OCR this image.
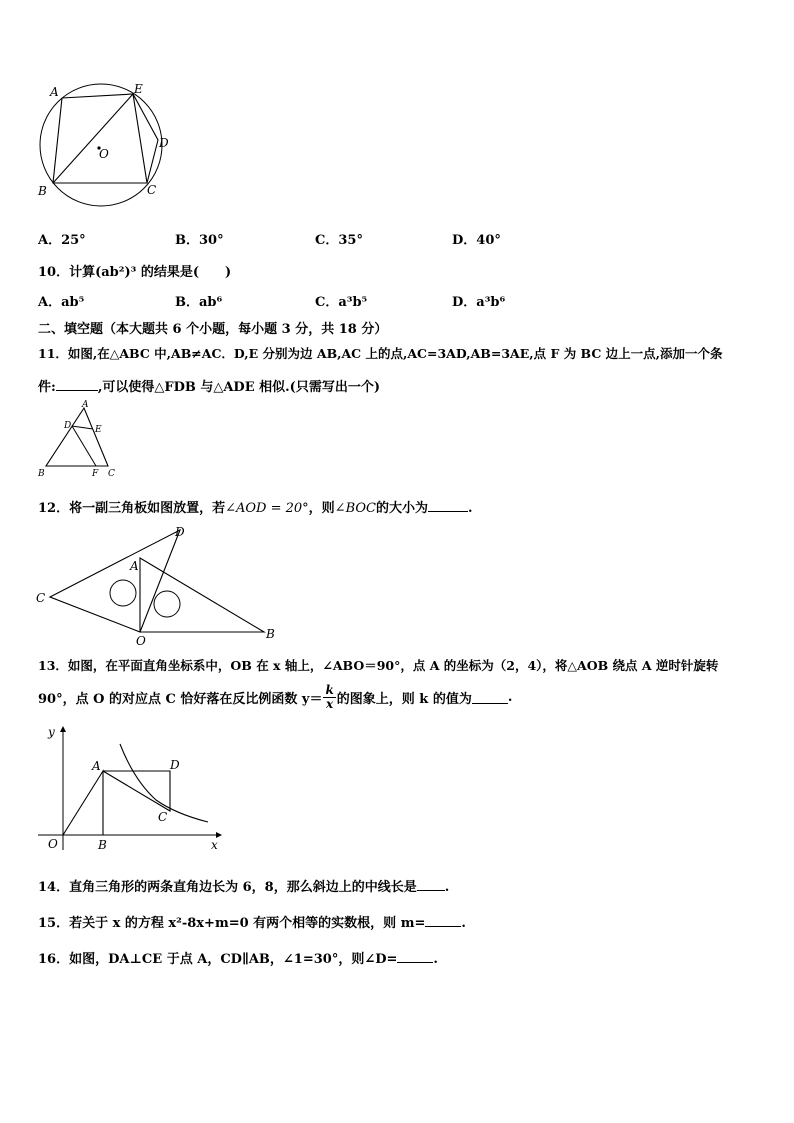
A	E
D
O
B	C
A．25°	B．30°	C．35°	D．40°
10．计算(ab²)³ 的结果是(　　)
A．ab⁵	B．ab⁶	C．a³b⁵	D．a³b⁶
二、填空题（本大题共 6 个小题，每小题 3 分，共 18 分）
11．如图,在△ABC 中,AB≠AC．D,E 分别为边 AB,AC 上的点,AC=3AD,AB=3AE,点 F 为 BC 边上一点,添加一个条
件:	,可以使得△FDB 与△ADE 相似.(只需写出一个)
A
D	E
B	F C
12．将一副三角板如图放置，若∠AOD = 20°，则∠BOC的大小为	.
D
A
C
O	B
13．如图，在平面直角坐标系中，OB 在 x 轴上，∠ABO＝90°，点 A 的坐标为（2，4），将△AOB 绕点 A 逆时针旋转
90°，点 O 的对应点 C 恰好落在反比例函数 $y= \frac{k}{x}$ 的图象上，则 k 的值为	.
y
x
A	D
C
O	B
14．直角三角形的两条直角边长为 6，8，那么斜边上的中线长是 .
15．若关于 x 的方程 x²-8x+m=0 有两个相等的实数根，则 m=	.
16．如图，DA⊥CE 于点 A，CD∥AB，∠1=30°，则∠D=	.
